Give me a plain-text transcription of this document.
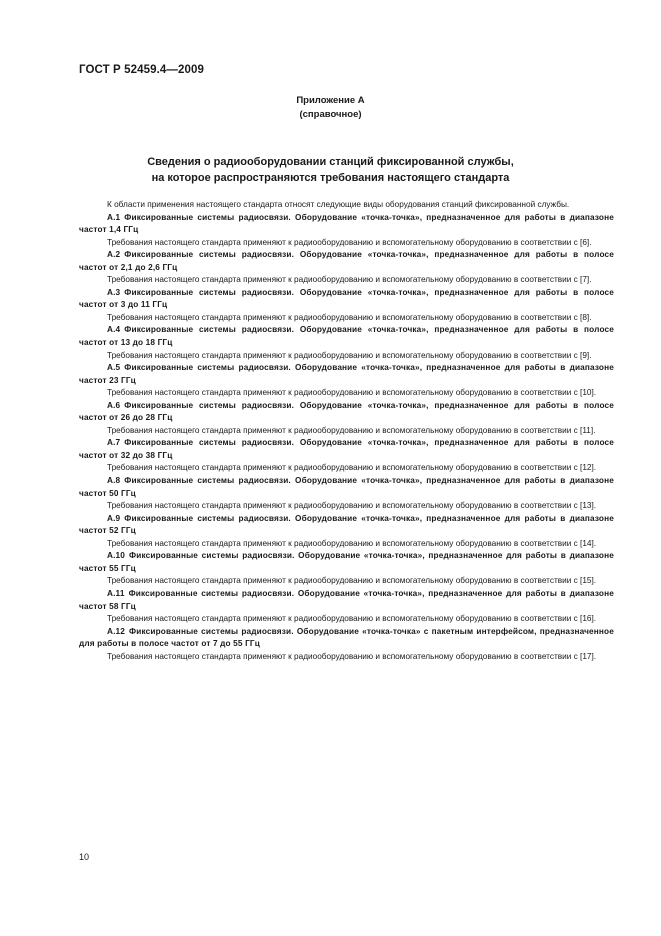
ГОСТ Р 52459.4—2009
Приложение А
(справочное)
Сведения о радиооборудовании станций фиксированной службы,
на которое распространяются требования настоящего стандарта

К области применения настоящего стандарта относят следующие виды оборудования станций фиксированной службы.

А.1 Фиксированные системы радиосвязи. Оборудование «точка-точка», предназначенное для работы в диапазоне частот 1,4 ГГц

Требования настоящего стандарта применяют к радиооборудованию и вспомогательному оборудованию в соответствии с [6].

А.2 Фиксированные системы радиосвязи. Оборудование «точка-точка», предназначенное для работы в полосе частот от 2,1 до 2,6 ГГц

Требования настоящего стандарта применяют к радиооборудованию и вспомогательному оборудованию в соответствии с [7].

А.3 Фиксированные системы радиосвязи. Оборудование «точка-точка», предназначенное для работы в полосе частот от 3 до 11 ГГц

Требования настоящего стандарта применяют к радиооборудованию и вспомогательному оборудованию в соответствии с [8].

А.4 Фиксированные системы радиосвязи. Оборудование «точка-точка», предназначенное для работы в полосе частот от 13 до 18 ГГц

Требования настоящего стандарта применяют к радиооборудованию и вспомогательному оборудованию в соответствии с [9].

А.5 Фиксированные системы радиосвязи. Оборудование «точка-точка», предназначенное для работы в диапазоне частот 23 ГГц

Требования настоящего стандарта применяют к радиооборудованию и вспомогательному оборудованию в соответствии с [10].

А.6 Фиксированные системы радиосвязи. Оборудование «точка-точка», предназначенное для работы в полосе частот от 26 до 28 ГГц

Требования настоящего стандарта применяют к радиооборудованию и вспомогательному оборудованию в соответствии с [11].

А.7 Фиксированные системы радиосвязи. Оборудование «точка-точка», предназначенное для работы в полосе частот от 32 до 38 ГГц

Требования настоящего стандарта применяют к радиооборудованию и вспомогательному оборудованию в соответствии с [12].

А.8 Фиксированные системы радиосвязи. Оборудование «точка-точка», предназначенное для работы в диапазоне частот 50 ГГц

Требования настоящего стандарта применяют к радиооборудованию и вспомогательному оборудованию в соответствии с [13].

А.9 Фиксированные системы радиосвязи. Оборудование «точка-точка», предназначенное для работы в диапазоне частот 52 ГГц

Требования настоящего стандарта применяют к радиооборудованию и вспомогательному оборудованию в соответствии с [14].

А.10 Фиксированные системы радиосвязи. Оборудование «точка-точка», предназначенное для работы в диапазоне частот 55 ГГц

Требования настоящего стандарта применяют к радиооборудованию и вспомогательному оборудованию в соответствии с [15].

А.11 Фиксированные системы радиосвязи. Оборудование «точка-точка», предназначенное для работы в диапазоне частот 58 ГГц

Требования настоящего стандарта применяют к радиооборудованию и вспомогательному оборудованию в соответствии с [16].

А.12 Фиксированные системы радиосвязи. Оборудование «точка-точка» с пакетным интерфейсом, предназначенное для работы в полосе частот от 7 до 55 ГГц

Требования настоящего стандарта применяют к радиооборудованию и вспомогательному оборудованию в соответствии с [17].

10
